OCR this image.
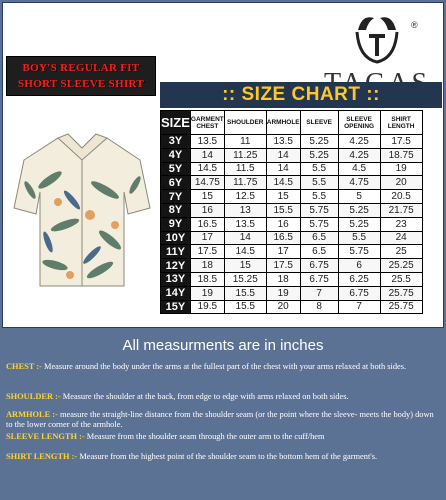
BOY'S REGULAR FIT
SHORT SLEEVE SHIRT
®
:: SIZE CHART ::
SIZE	GARMENT CHEST	SHOULDER	ARMHOLE	SLEEVE	SLEEVE OPENING	SHIRT LENGTH
3Y	13.5	11	13.5	5.25	4.25	17.5
4Y	14	11.25	14	5.25	4.25	18.75
5Y	14.5	11.5	14	5.5	4.5	19
6Y	14.75	11.75	14.5	5.5	4.75	20
7Y	15	12.5	15	5.5	5	20.5
8Y	16	13	15.5	5.75	5.25	21.75
9Y	16.5	13.5	16	5.75	5.25	23
10Y	17	14	16.5	6.5	5.5	24
11Y	17.5	14.5	17	6.5	5.75	25
12Y	18	15	17.5	6.75	6	25.25
13Y	18.5	15.25	18	6.75	6.25	25.5
14Y	19	15.5	19	7	6.75	25.75
15Y	19.5	15.5	20	8	7	25.75
All measurments are in inches
CHEST :- Measure around the body under the arms at the fullest part of the chest with your arms relaxed at both sides.
SHOULDER :- Measure the shoulder at the back, from edge to edge with arms relaxed on both sides.
ARMHOLE :- measure the straight-line distance from the shoulder seam (or the point where the sleeve- meets the body) down to the lower corner of the armhole.
SLEEVE LENGTH :- Measure from the shoulder seam through the outer arm to the cuff/hem
SHIRT LENGTH :- Measure from the highest point of the shoulder seam to the bottom hem of the garment's.
